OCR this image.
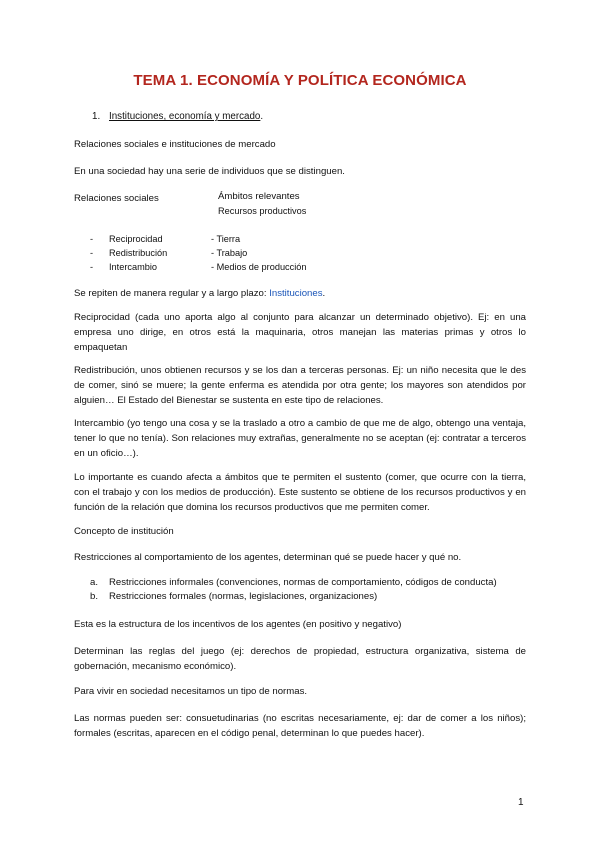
TEMA 1. ECONOMÍA Y POLÍTICA ECONÓMICA
1. Instituciones, economía y mercado.
Relaciones sociales e instituciones de mercado
En una sociedad hay una serie de individuos que se distinguen.
Relaciones sociales	Ámbitos relevantes
Recursos productivos
- Reciprocidad	- Tierra
- Redistribución	- Trabajo
- Intercambio	- Medios de producción
Se repiten de manera regular y a largo plazo: Instituciones.
Reciprocidad (cada uno aporta algo al conjunto para alcanzar un determinado objetivo). Ej: en una empresa uno dirige, en otros está la maquinaria, otros manejan las materias primas y otros lo empaquetan
Redistribución, unos obtienen recursos y se los dan a terceras personas. Ej: un niño necesita que le des de comer, sinó se muere; la gente enferma es atendida por otra gente; los mayores son atendidos por alguien… El Estado del Bienestar se sustenta en este tipo de relaciones.
Intercambio (yo tengo una cosa y se la traslado a otro a cambio de que me de algo, obtengo una ventaja, tener lo que no tenía). Son relaciones muy extrañas, generalmente no se aceptan (ej: contratar a terceros en un oficio…).
Lo importante es cuando afecta a ámbitos que te permiten el sustento (comer, que ocurre con la tierra, con el trabajo y con los medios de producción). Este sustento se obtiene de los recursos productivos y en función de la relación que domina los recursos productivos que me permiten comer.
Concepto de institución
Restricciones al comportamiento de los agentes, determinan qué se puede hacer y qué no.
a. Restricciones informales (convenciones, normas de comportamiento, códigos de conducta)
b. Restricciones formales (normas, legislaciones, organizaciones)
Esta es la estructura de los incentivos de los agentes (en positivo y negativo)
Determinan las reglas del juego (ej: derechos de propiedad, estructura organizativa, sistema de gobernación, mecanismo económico).
Para vivir en sociedad necesitamos un tipo de normas.
Las normas pueden ser: consuetudinarias (no escritas necesariamente, ej: dar de comer a los niños); formales (escritas, aparecen en el código penal, determinan lo que puedes hacer).
1
